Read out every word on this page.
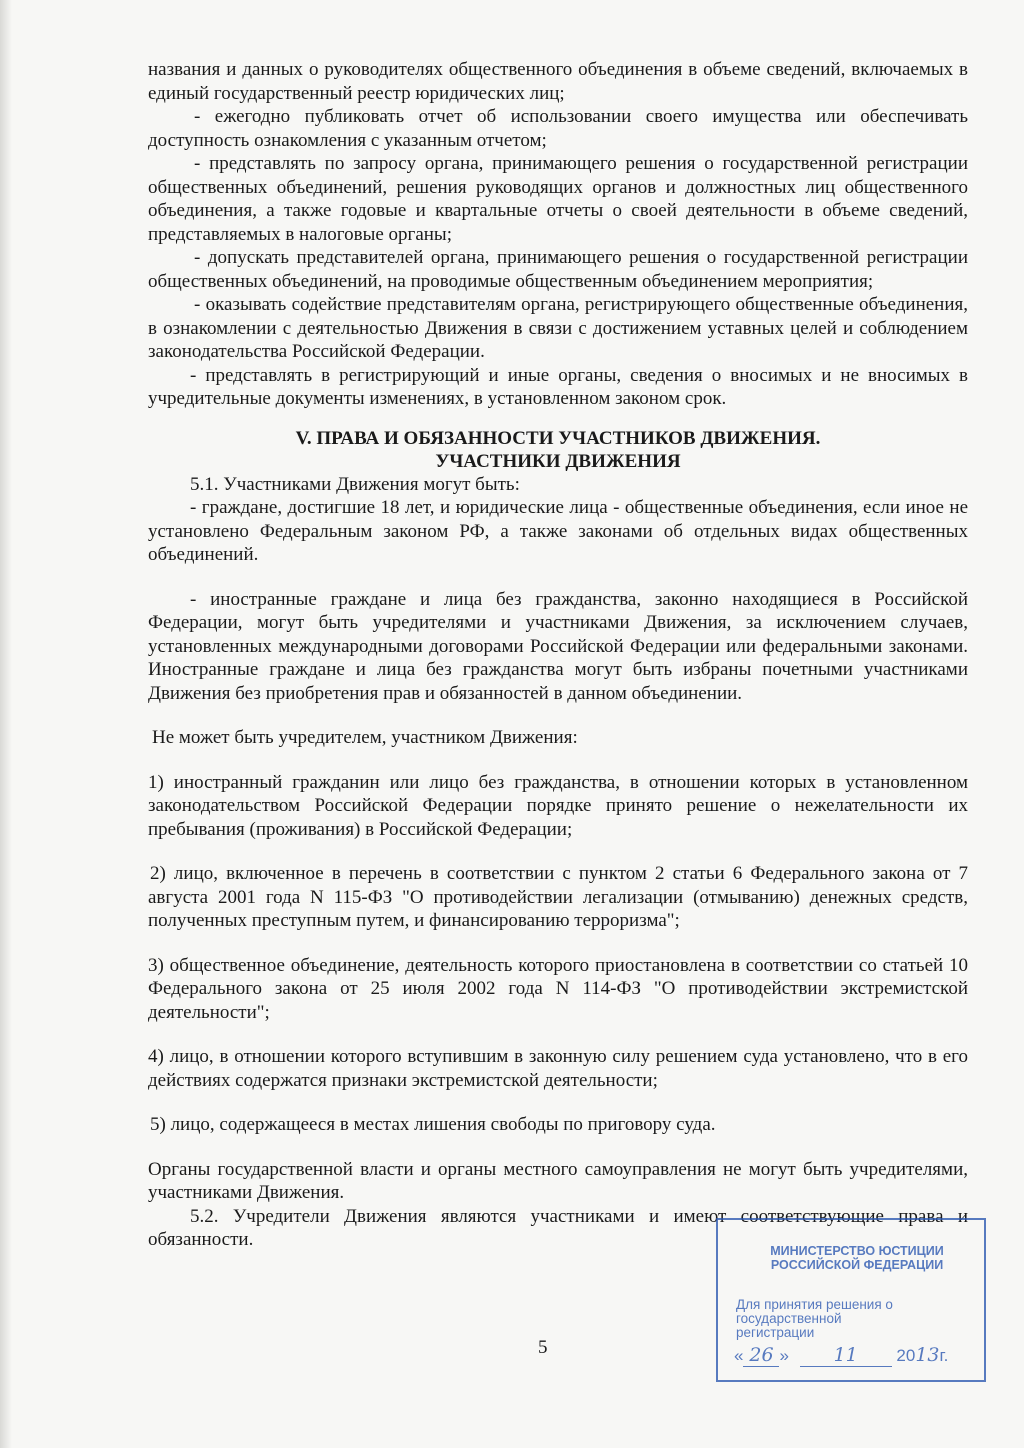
названия и данных о руководителях общественного объединения в объеме сведений, включаемых в единый государственный реестр юридических лиц;

- ежегодно публиковать отчет об использовании своего имущества или обеспечивать доступность ознакомления с указанным отчетом;

- представлять по запросу органа, принимающего решения о государственной регистрации общественных объединений, решения руководящих органов и должностных лиц общественного объединения, а также годовые и квартальные отчеты о своей деятельности в объеме сведений, представляемых в налоговые органы;

- допускать представителей органа, принимающего решения о государственной регистрации общественных объединений, на проводимые общественным объединением мероприятия;

- оказывать содействие представителям органа, регистрирующего общественные объединения, в ознакомлении с деятельностью Движения в связи с достижением уставных целей и соблюдением законодательства Российской Федерации.

- представлять в регистрирующий и иные органы, сведения о вносимых и не вносимых в учредительные документы изменениях, в установленном законом срок.

V. ПРАВА И ОБЯЗАННОСТИ УЧАСТНИКОВ ДВИЖЕНИЯ.
УЧАСТНИКИ ДВИЖЕНИЯ

5.1. Участниками Движения могут быть:

- граждане, достигшие 18 лет, и юридические лица - общественные объединения, если иное не установлено Федеральным законом РФ, а также законами об отдельных видах общественных объединений.

- иностранные граждане и лица без гражданства, законно находящиеся в Российской Федерации, могут быть учредителями и участниками Движения, за исключением случаев, установленных международными договорами Российской Федерации или федеральными законами. Иностранные граждане и лица без гражданства могут быть избраны почетными участниками Движения без приобретения прав и обязанностей в данном объединении.

Не может быть учредителем, участником Движения:

1) иностранный гражданин или лицо без гражданства, в отношении которых в установленном законодательством Российской Федерации порядке принято решение о нежелательности их пребывания (проживания) в Российской Федерации;

2) лицо, включенное в перечень в соответствии с пунктом 2 статьи 6 Федерального закона от 7 августа 2001 года N 115-ФЗ "О противодействии легализации (отмыванию) денежных средств, полученных преступным путем, и финансированию терроризма";

3) общественное объединение, деятельность которого приостановлена в соответствии со статьей 10 Федерального закона от 25 июля 2002 года N 114-ФЗ "О противодействии экстремистской деятельности";

4) лицо, в отношении которого вступившим в законную силу решением суда установлено, что в его действиях содержатся признаки экстремистской деятельности;

5) лицо, содержащееся в местах лишения свободы по приговору суда.

Органы государственной власти и органы местного самоуправления не могут быть учредителями, участниками Движения.

5.2. Учредители Движения являются участниками и имеют соответствующие права и обязанности.

5
МИНИСТЕРСТВО ЮСТИЦИИ РОССИЙСКОЙ ФЕДЕРАЦИИ
Для принятия решения о государственной регистрации
« 26 » 11 2013г.
